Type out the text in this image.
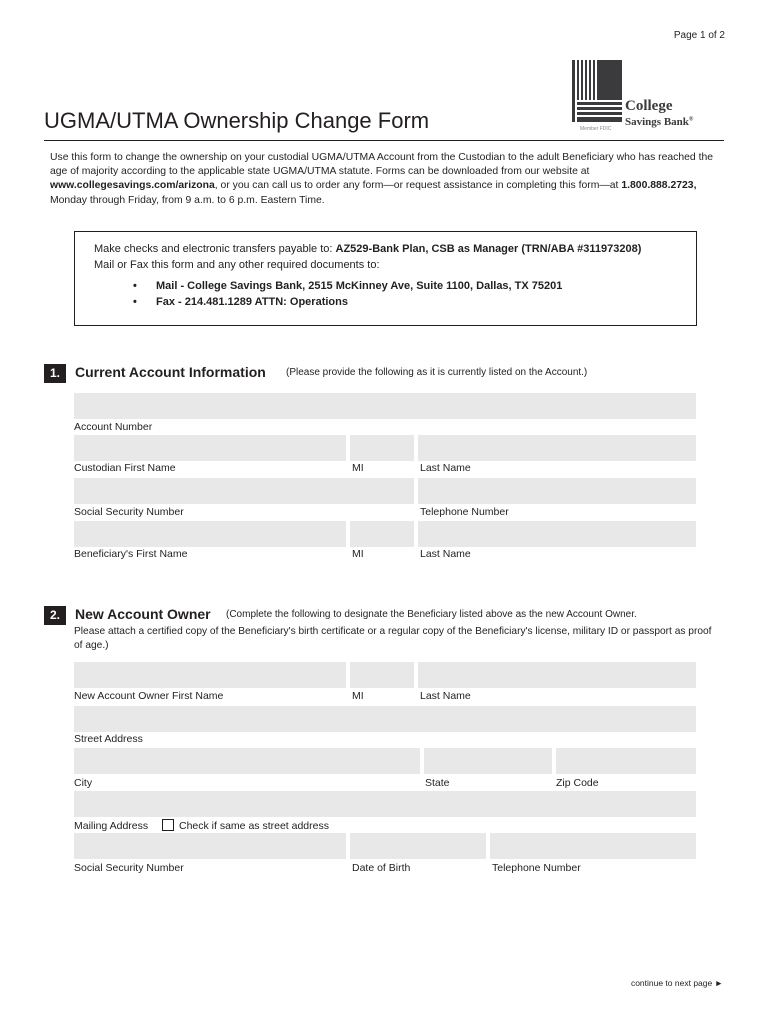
Page 1 of 2
College
Savings Bank®
Member FDIC
UGMA/UTMA Ownership Change Form
Use this form to change the ownership on your custodial UGMA/UTMA Account from the Custodian to the adult Beneficiary who has reached the age of majority according to the applicable state UGMA/UTMA statute. Forms can be downloaded from our website at www.collegesavings.com/arizona, or you can call us to order any form—or request assistance in completing this form—at 1.800.888.2723, Monday through Friday, from 9 a.m. to 6 p.m. Eastern Time.
Make checks and electronic transfers payable to: AZ529-Bank Plan, CSB as Manager (TRN/ABA #311973208)
Mail or Fax this form and any other required documents to:
•	Mail - College Savings Bank, 2515 McKinney Ave, Suite 1100, Dallas, TX 75201
•	Fax - 214.481.1289 ATTN: Operations
1.	Current Account Information (Please provide the following as it is currently listed on the Account.)
Account Number
Custodian First Name	MI	Last Name
Social Security Number	Telephone Number
Beneficiary's First Name	MI	Last Name
2.	New Account Owner (Complete the following to designate the Beneficiary listed above as the new Account Owner.
Please attach a certified copy of the Beneficiary's birth certificate or a regular copy of the Beneficiary's license, military ID or passport as proof of age.)
New Account Owner First Name	MI	Last Name
Street Address
City	State	Zip Code
Mailing Address	Check if same as street address
Social Security Number	Date of Birth	Telephone Number
continue to next page ►
